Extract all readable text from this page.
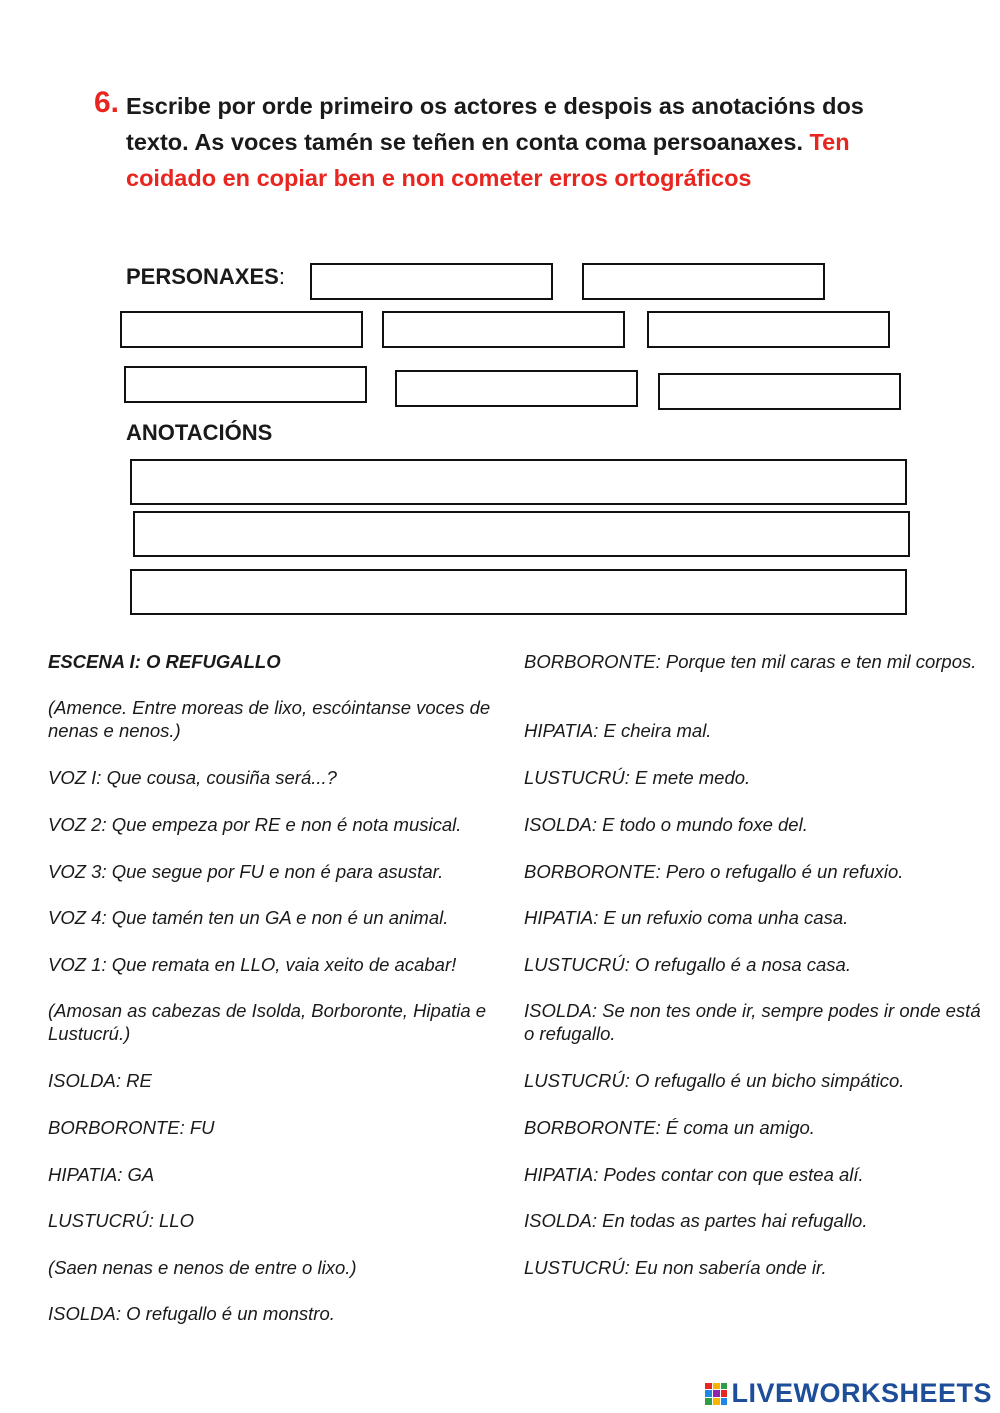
6. Escribe por orde primeiro os actores e despois as anotacións dos texto. As voces tamén se teñen en conta coma persoanaxes. Ten coidado en copiar ben e non cometer erros ortográficos
PERSONAXES:
ANOTACIÓNS
ESCENA I: O REFUGALLO
(Amence. Entre moreas de lixo, escóintanse voces de nenas e nenos.)
VOZ I: Que cousa, cousiña será...?
VOZ 2: Que empeza por RE e non é nota musical.
VOZ 3: Que segue por FU e non é para asustar.
VOZ 4: Que tamén ten un GA e non é un animal.
VOZ 1: Que remata en LLO, vaia xeito de acabar!
(Amosan as cabezas de Isolda, Borboronte, Hipatia e Lustucrú.)
ISOLDA: RE
BORBORONTE: FU
HIPATIA: GA
LUSTUCRÚ: LLO
(Saen nenas e nenos de entre o lixo.)
ISOLDA: O refugallo é un monstro.
BORBORONTE: Porque ten mil caras e ten mil corpos.
HIPATIA: E cheira mal.
LUSTUCRÚ: E mete medo.
ISOLDA: E todo o mundo foxe del.
BORBORONTE: Pero o refugallo é un refuxio.
HIPATIA: E un refuxio coma unha casa.
LUSTUCRÚ: O refugallo é a nosa casa.
ISOLDA: Se non tes onde ir, sempre podes ir onde está o refugallo.
LUSTUCRÚ: O refugallo é un bicho simpático.
BORBORONTE: É coma un amigo.
HIPATIA: Podes contar con que estea alí.
ISOLDA: En todas as partes hai refugallo.
LUSTUCRÚ: Eu non sabería onde ir.
LIVEWORKSHEETS
